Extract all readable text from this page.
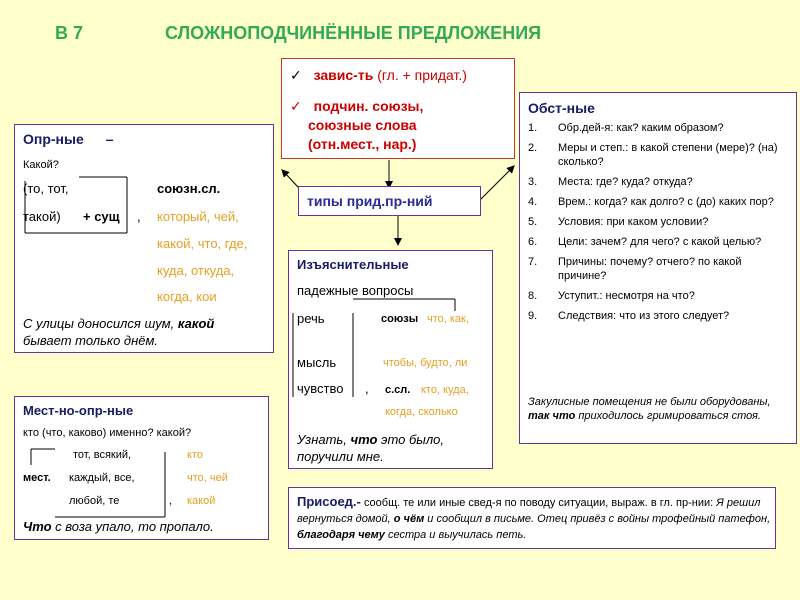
В 7	СЛОЖНОПОДЧИНЁННЫЕ ПРЕДЛОЖЕНИЯ
✓ завис-ть (гл. + придат.)
✓ подчин. союзы,
союзные слова
(отн.мест., нар.)
типы прид.пр-ний
Опр-ные –
Какой?
(то, тот,	союзн.сл.
такой) + сущ , который, чей,
какой, что, где,
куда, откуда,
когда, кои
С улицы доносился шум, какой
бывает только днём.
Мест-но-опр-ные
кто (что, каково) именно? какой?
тот, всякий,	кто
мест. каждый, все,	что, чей
любой, те	, какой
Что с воза упало, то пропало.
Изъяснительные
падежные вопросы
речь	союзы что, как,
мысль	чтобы, будто, ли
чувство , с.сл. кто, куда,
когда, сколько
Узнать, что это было,
поручили мне.
Обст-ные
1. Обр.дей-я: как? каким образом?
2. Меры и степ.: в какой степени (мере)? (на) сколько?
3. Места: где? куда? откуда?
4. Врем.: когда? как долго? с (до) каких пор?
5. Условия: при каком условии?
6. Цели: зачем? для чего? с какой целью?
7. Причины: почему? отчего? по какой причине?
8. Уступит.: несмотря на что?
9. Следствия: что из этого следует?
Закулисные помещения не были оборудованы, так что приходилось гримироваться стоя.
Присоед.- сообщ. те или иные свед-я по поводу ситуации, выраж. в гл. пр-нии: Я решил вернуться домой, о чём и сообщил в письме. Отец привёз с войны трофейный патефон, благодаря чему сестра и выучилась петь.
